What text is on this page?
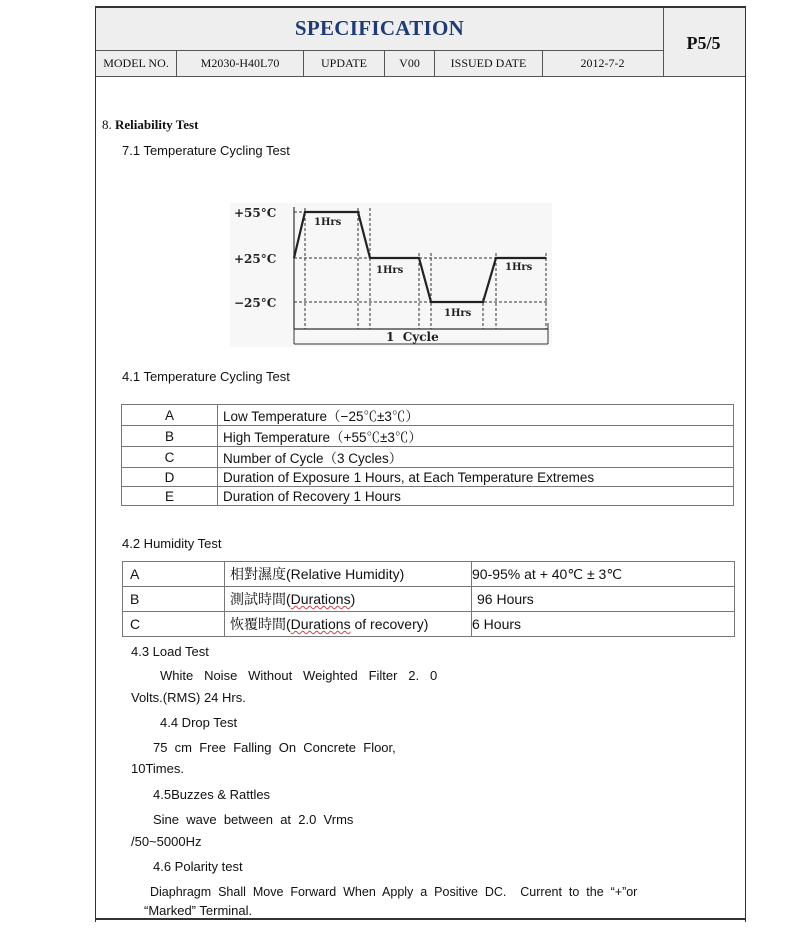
SPECIFICATION
MODEL NO.	M2030-H40L70	UPDATE	V00	ISSUED DATE	2012-7-2
P5/5
8. Reliability Test
7.1 Temperature Cycling Test
+55°C
+25°C
−25°C
1Hrs
1Hrs
1Hrs
1Hrs
1  Cycle
4.1 Temperature Cycling Test
A	Low Temperature（−25℃±3℃）
B	High Temperature（+55℃±3℃）
C	Number of Cycle（3 Cycles）
D	Duration of Exposure 1 Hours, at Each Temperature Extremes
E	Duration of Recovery 1 Hours
4.2 Humidity Test
A	相對濕度(Relative Humidity)	90-95% at + 40℃ ± 3℃
B	測試時間(Durations)	96 Hours
C	恢覆時間(Durations of recovery)	6 Hours
4.3 Load Test
White   Noise   Without   Weighted   Filter   2.   0
Volts.(RMS) 24 Hrs.
4.4 Drop Test
75  cm  Free  Falling  On  Concrete  Floor,
10Times.
4.5Buzzes & Rattles
Sine  wave  between  at  2.0  Vrms
/50~5000Hz
4.6 Polarity test
Diaphragm  Shall  Move  Forward  When  Apply  a  Positive  DC.    Current  to  the  “+”or
“Marked” Terminal.
